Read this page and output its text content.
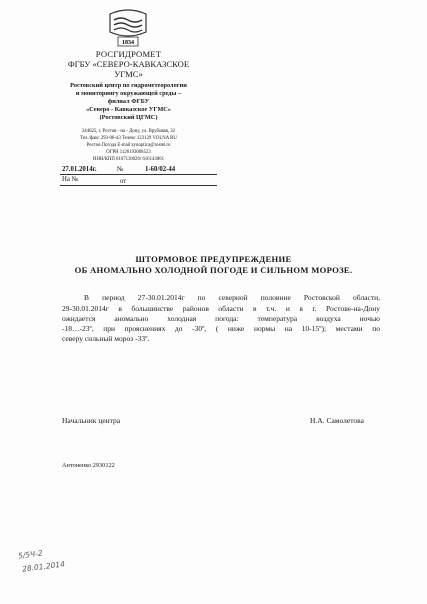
1834
РОСГИДРОМЕТ
ФГБУ «СЕВЕРО-КАВКАЗСКОЕ
УГМС»
Ростовский центр по гидрометеорологии
и мониторингу окружающей среды –
филиал ФГБУ
«Северо - Кавказское УГМС»
(Ростовский ЦГМС)
344025, г. Ростов - на - Дону, ул. Врубовая, 32
Тел./факс 293-06-43 Телекс 123129 VOLNA RU
Ростов Погода E-mail:synoptica@rostel.ru
ОГРН 1126193008523
ИНН/КПП 6167110026/ 616143001
27.01.2014г.	№	1-60/02-44
На №	от
ШТОРМОВОЕ ПРЕДУПРЕЖДЕНИЕ
ОБ АНОМАЛЬНО ХОЛОДНОЙ ПОГОДЕ И СИЛЬНОМ МОРОЗЕ.
В период 27-30.01.2014г по северной половине Ростовской области,
29-30.01.2014г в большинстве районов области в т.ч. и в г. Ростове-на-Дону
ожидается аномально холодная погода: температура воздуха ночью
-18…-23º, при прояснениях до -30º, ( ниже нормы на 10-15º); местами по
северу сильный мороз -33º.
Начальник центра	Н.А. Самолетова
Антоненко 2930122
5/5Ч-2
28.01.2014
